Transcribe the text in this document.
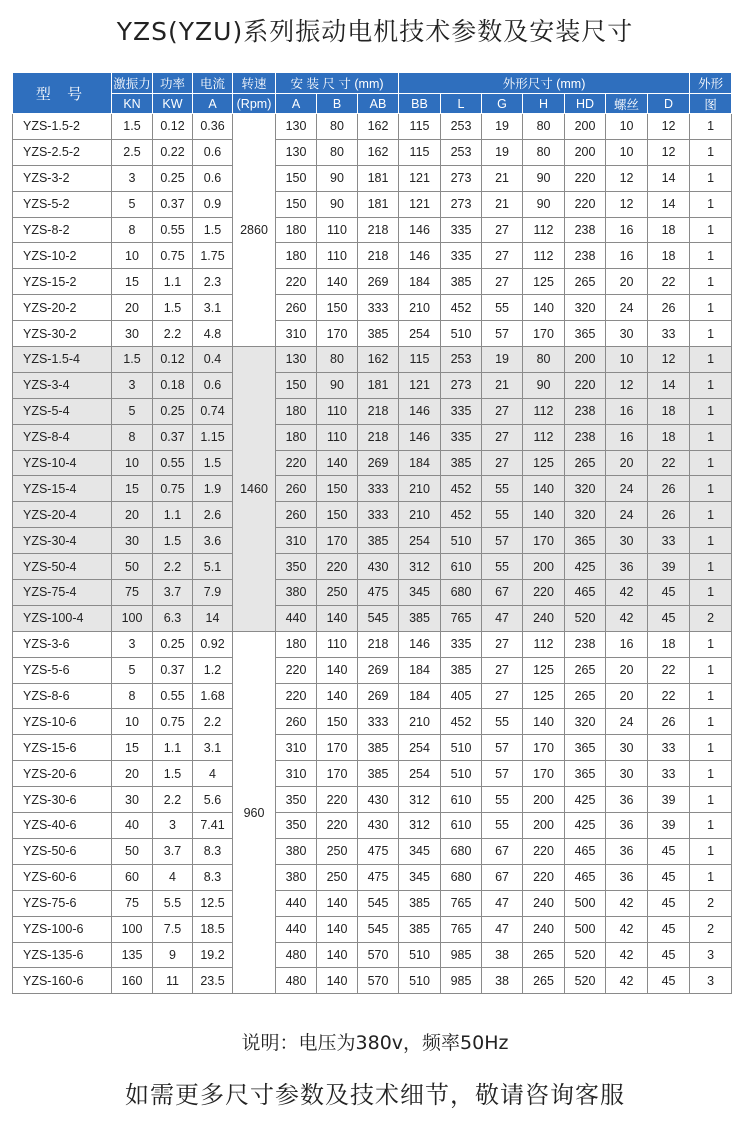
YZS(YZU)系列振动电机技术参数及安装尺寸
型 号	激振力	功率	电流	转速	安 装 尺 寸 (mm)			外形尺寸 (mm)							外形
	KN	KW	A	(Rpm)	A	B	AB	BB	L	G	H	HD	螺丝	D	图
YZS-1.5-2	1.5	0.12	0.36	2860	130	80	162	115	253	19	80	200	10	12	1
YZS-2.5-2	2.5	0.22	0.6		130	80	162	115	253	19	80	200	10	12	1
YZS-3-2	3	0.25	0.6		150	90	181	121	273	21	90	220	12	14	1
YZS-5-2	5	0.37	0.9		150	90	181	121	273	21	90	220	12	14	1
YZS-8-2	8	0.55	1.5		180	110	218	146	335	27	112	238	16	18	1
YZS-10-2	10	0.75	1.75		180	110	218	146	335	27	112	238	16	18	1
YZS-15-2	15	1.1	2.3		220	140	269	184	385	27	125	265	20	22	1
YZS-20-2	20	1.5	3.1		260	150	333	210	452	55	140	320	24	26	1
YZS-30-2	30	2.2	4.8		310	170	385	254	510	57	170	365	30	33	1
YZS-1.5-4	1.5	0.12	0.4	1460	130	80	162	115	253	19	80	200	10	12	1
YZS-3-4	3	0.18	0.6		150	90	181	121	273	21	90	220	12	14	1
YZS-5-4	5	0.25	0.74		180	110	218	146	335	27	112	238	16	18	1
YZS-8-4	8	0.37	1.15		180	110	218	146	335	27	112	238	16	18	1
YZS-10-4	10	0.55	1.5		220	140	269	184	385	27	125	265	20	22	1
YZS-15-4	15	0.75	1.9		260	150	333	210	452	55	140	320	24	26	1
YZS-20-4	20	1.1	2.6		260	150	333	210	452	55	140	320	24	26	1
YZS-30-4	30	1.5	3.6		310	170	385	254	510	57	170	365	30	33	1
YZS-50-4	50	2.2	5.1		350	220	430	312	610	55	200	425	36	39	1
YZS-75-4	75	3.7	7.9		380	250	475	345	680	67	220	465	42	45	1
YZS-100-4	100	6.3	14		440	140	545	385	765	47	240	520	42	45	2
YZS-3-6	3	0.25	0.92	960	180	110	218	146	335	27	112	238	16	18	1
YZS-5-6	5	0.37	1.2		220	140	269	184	385	27	125	265	20	22	1
YZS-8-6	8	0.55	1.68		220	140	269	184	405	27	125	265	20	22	1
YZS-10-6	10	0.75	2.2		260	150	333	210	452	55	140	320	24	26	1
YZS-15-6	15	1.1	3.1		310	170	385	254	510	57	170	365	30	33	1
YZS-20-6	20	1.5	4		310	170	385	254	510	57	170	365	30	33	1
YZS-30-6	30	2.2	5.6		350	220	430	312	610	55	200	425	36	39	1
YZS-40-6	40	3	7.41		350	220	430	312	610	55	200	425	36	39	1
YZS-50-6	50	3.7	8.3		380	250	475	345	680	67	220	465	36	45	1
YZS-60-6	60	4	8.3		380	250	475	345	680	67	220	465	36	45	1
YZS-75-6	75	5.5	12.5		440	140	545	385	765	47	240	500	42	45	2
YZS-100-6	100	7.5	18.5		440	140	545	385	765	47	240	500	42	45	2
YZS-135-6	135	9	19.2		480	140	570	510	985	38	265	520	42	45	3
YZS-160-6	160	11	23.5		480	140	570	510	985	38	265	520	42	45	3
说明：电压为380v，频率50Hz
如需更多尺寸参数及技术细节，敬请咨询客服
